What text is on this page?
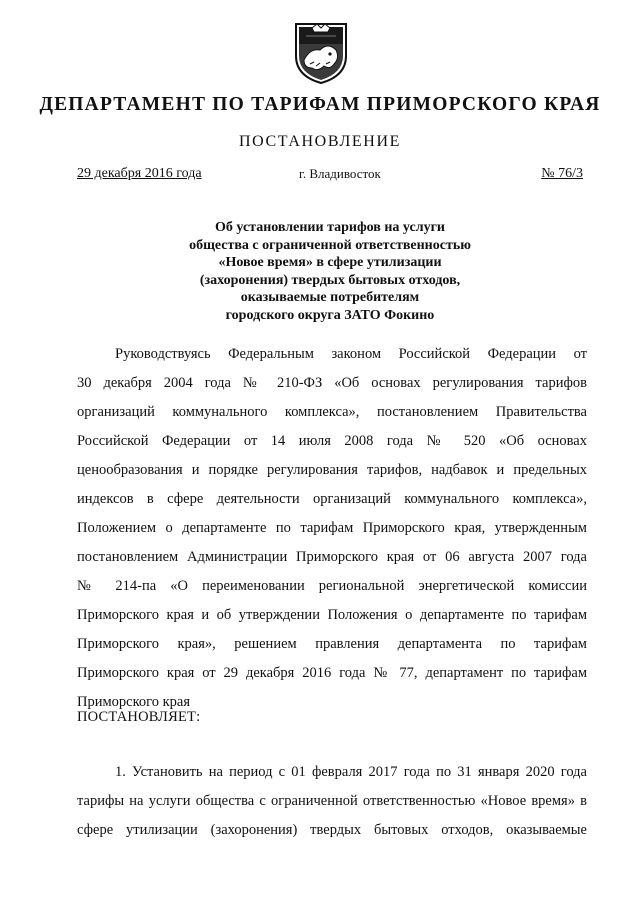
ДЕПАРТАМЕНТ ПО ТАРИФАМ ПРИМОРСКОГО КРАЯ
ПОСТАНОВЛЕНИЕ
29 декабря 2016 года	г. Владивосток	№ 76/3
Об установлении тарифов на услуги
общества с ограниченной ответственностью
«Новое время» в сфере утилизации
(захоронения) твердых бытовых отходов,
оказываемые потребителям
городского округа ЗАТО Фокино
Руководствуясь Федеральным законом Российской Федерации от
30 декабря 2004 года № 210-ФЗ «Об основах регулирования тарифов
организаций коммунального комплекса», постановлением Правительства
Российской Федерации от 14 июля 2008 года № 520 «Об основах
ценообразования и порядке регулирования тарифов, надбавок и предельных
индексов в сфере деятельности организаций коммунального комплекса»,
Положением о департаменте по тарифам Приморского края, утвержденным
постановлением Администрации Приморского края от 06 августа 2007 года
№ 214-па «О переименовании региональной энергетической комиссии
Приморского края и об утверждении Положения о департаменте по тарифам
Приморского края», решением правления департамента по тарифам
Приморского края от 29 декабря 2016 года № 77, департамент по тарифам
Приморского края
ПОСТАНОВЛЯЕТ:
1. Установить на период с 01 февраля 2017 года по 31 января 2020 года
тарифы на услуги общества с ограниченной ответственностью «Новое время» в
сфере утилизации (захоронения) твердых бытовых отходов, оказываемые
